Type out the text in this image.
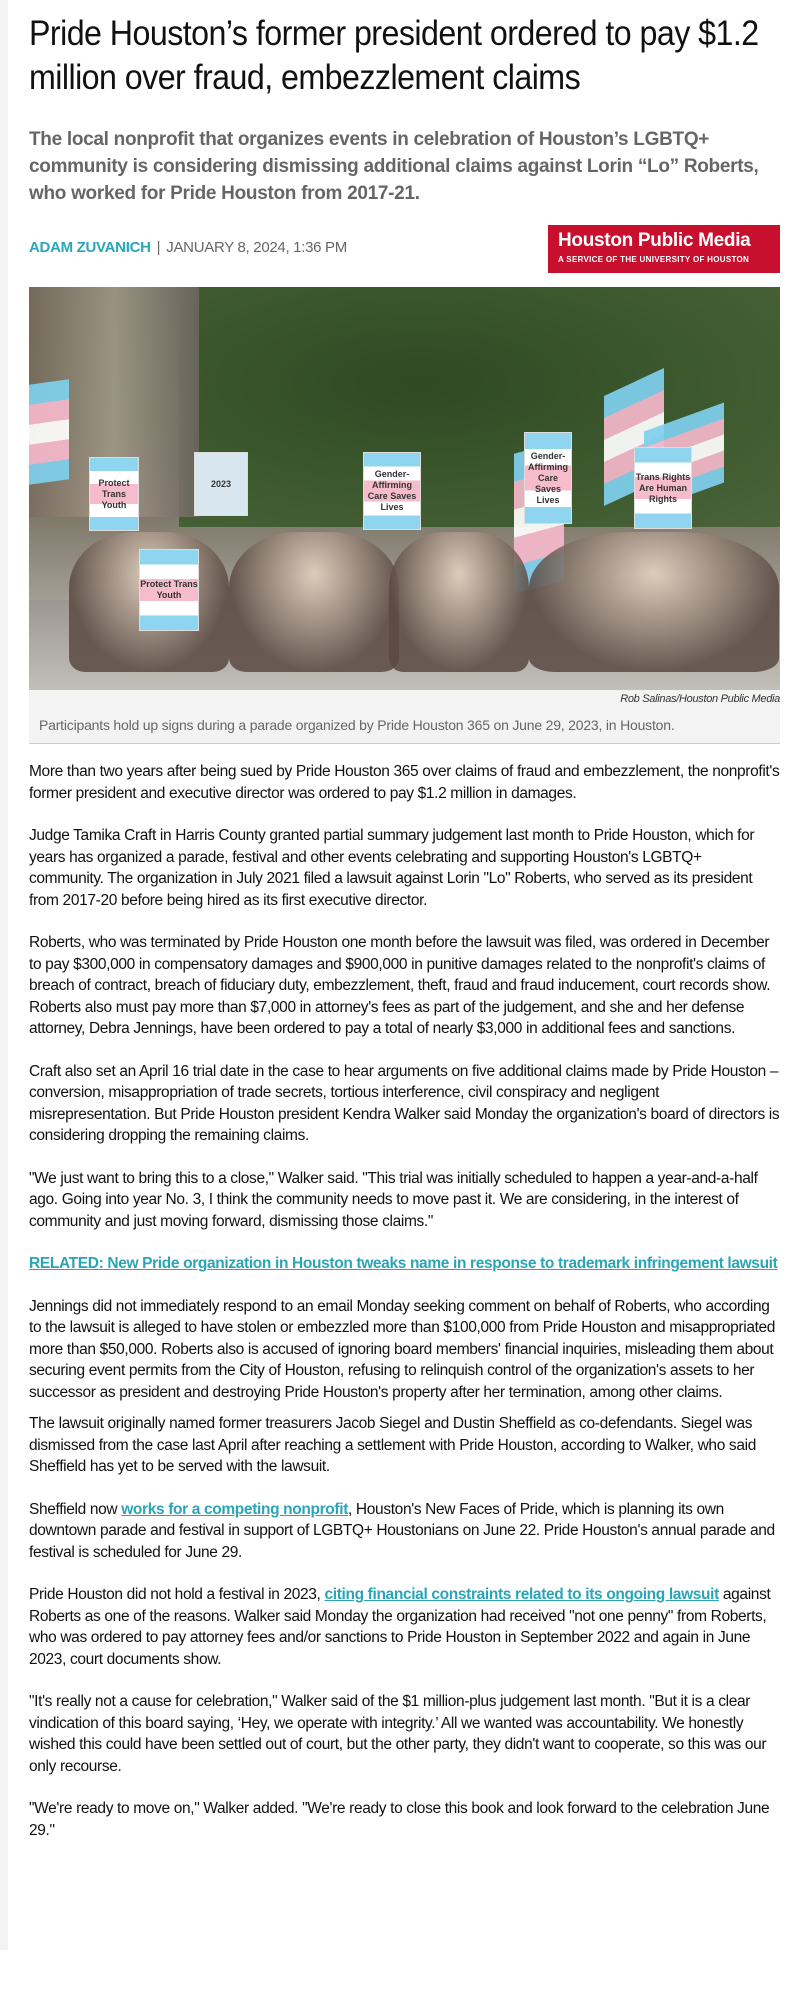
Pride Houston’s former president ordered to pay $1.2 million over fraud, embezzlement claims

The local nonprofit that organizes events in celebration of Houston’s LGBTQ+ community is considering dismissing additional claims against Lorin “Lo” Roberts, who worked for Pride Houston from 2017-21.

ADAM ZUVANICH | JANUARY 8, 2024, 1:36 PM	Houston Public Media
A SERVICE OF THE UNIVERSITY OF HOUSTON
Protect Trans Youth
2023
Gender-Affirming Care Saves Lives
Gender-Affirming Care Saves Lives
Trans Rights Are Human Rights
Protect Trans Youth
Rob Salinas/Houston Public Media
Participants hold up signs during a parade organized by Pride Houston 365 on June 29, 2023, in Houston.

More than two years after being sued by Pride Houston 365 over claims of fraud and embezzlement, the nonprofit's former president and executive director was ordered to pay $1.2 million in damages.

Judge Tamika Craft in Harris County granted partial summary judgement last month to Pride Houston, which for years has organized a parade, festival and other events celebrating and supporting Houston's LGBTQ+ community. The organization in July 2021 filed a lawsuit against Lorin "Lo" Roberts, who served as its president from 2017-20 before being hired as its first executive director.

Roberts, who was terminated by Pride Houston one month before the lawsuit was filed, was ordered in December to pay $300,000 in compensatory damages and $900,000 in punitive damages related to the nonprofit's claims of breach of contract, breach of fiduciary duty, embezzlement, theft, fraud and fraud inducement, court records show. Roberts also must pay more than $7,000 in attorney's fees as part of the judgement, and she and her defense attorney, Debra Jennings, have been ordered to pay a total of nearly $3,000 in additional fees and sanctions.

Craft also set an April 16 trial date in the case to hear arguments on five additional claims made by Pride Houston – conversion, misappropriation of trade secrets, tortious interference, civil conspiracy and negligent misrepresentation. But Pride Houston president Kendra Walker said Monday the organization's board of directors is considering dropping the remaining claims.

"We just want to bring this to a close," Walker said. "This trial was initially scheduled to happen a year-and-a-half ago. Going into year No. 3, I think the community needs to move past it. We are considering, in the interest of community and just moving forward, dismissing those claims."

RELATED: New Pride organization in Houston tweaks name in response to trademark infringement lawsuit

Jennings did not immediately respond to an email Monday seeking comment on behalf of Roberts, who according to the lawsuit is alleged to have stolen or embezzled more than $100,000 from Pride Houston and misappropriated more than $50,000. Roberts also is accused of ignoring board members' financial inquiries, misleading them about securing event permits from the City of Houston, refusing to relinquish control of the organization's assets to her successor as president and destroying Pride Houston's property after her termination, among other claims.

The lawsuit originally named former treasurers Jacob Siegel and Dustin Sheffield as co-defendants. Siegel was dismissed from the case last April after reaching a settlement with Pride Houston, according to Walker, who said Sheffield has yet to be served with the lawsuit.

Sheffield now works for a competing nonprofit, Houston's New Faces of Pride, which is planning its own downtown parade and festival in support of LGBTQ+ Houstonians on June 22. Pride Houston's annual parade and festival is scheduled for June 29.

Pride Houston did not hold a festival in 2023, citing financial constraints related to its ongoing lawsuit against Roberts as one of the reasons. Walker said Monday the organization had received "not one penny" from Roberts, who was ordered to pay attorney fees and/or sanctions to Pride Houston in September 2022 and again in June 2023, court documents show.

"It's really not a cause for celebration," Walker said of the $1 million-plus judgement last month. "But it is a clear vindication of this board saying, ‘Hey, we operate with integrity.’ All we wanted was accountability. We honestly wished this could have been settled out of court, but the other party, they didn't want to cooperate, so this was our only recourse.

"We're ready to move on," Walker added. "We're ready to close this book and look forward to the celebration June 29."
